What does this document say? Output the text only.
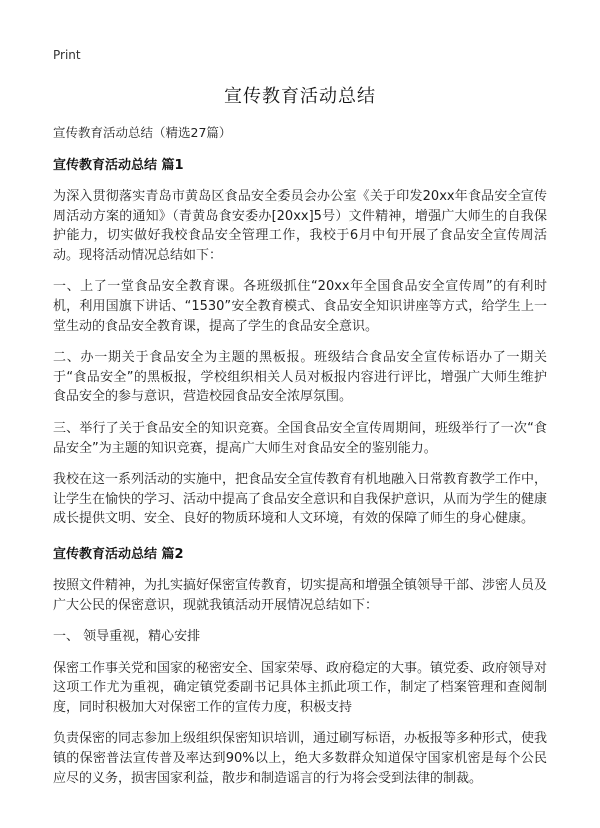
Print
宣传教育活动总结
宣传教育活动总结（精选27篇）
宣传教育活动总结 篇1
为深入贯彻落实青岛市黄岛区食品安全委员会办公室《关于印发20xx年食品安全宣传周活动方案的通知》（青黄岛食安委办[20xx]5号）文件精神，增强广大师生的自我保护能力，切实做好我校食品安全管理工作，我校于6月中旬开展了食品安全宣传周活动。现将活动情况总结如下：
一、上了一堂食品安全教育课。各班级抓住“20xx年全国食品安全宣传周”的有利时机，利用国旗下讲话、“1530”安全教育模式、食品安全知识讲座等方式，给学生上一堂生动的食品安全教育课，提高了学生的食品安全意识。
二、办一期关于食品安全为主题的黑板报。班级结合食品安全宣传标语办了一期关于“食品安全”的黑板报，学校组织相关人员对板报内容进行评比，增强广大师生维护食品安全的参与意识，营造校园食品安全浓厚氛围。
三、举行了关于食品安全的知识竞赛。全国食品安全宣传周期间，班级举行了一次“食品安全”为主题的知识竞赛，提高广大师生对食品安全的鉴别能力。
我校在这一系列活动的实施中，把食品安全宣传教育有机地融入日常教育教学工作中，让学生在愉快的学习、活动中提高了食品安全意识和自我保护意识，从而为学生的健康成长提供文明、安全、良好的物质环境和人文环境，有效的保障了师生的身心健康。
宣传教育活动总结 篇2
按照文件精神，为扎实搞好保密宣传教育，切实提高和增强全镇领导干部、涉密人员及广大公民的保密意识，现就我镇活动开展情况总结如下：
一、 领导重视，精心安排
保密工作事关党和国家的秘密安全、国家荣辱、政府稳定的大事。镇党委、政府领导对这项工作尤为重视，确定镇党委副书记具体主抓此项工作，制定了档案管理和查阅制度，同时积极加大对保密工作的宣传力度，积极支持
负责保密的同志参加上级组织保密知识培训，通过刷写标语，办板报等多种形式，使我镇的保密普法宣传普及率达到90%以上，绝大多数群众知道保守国家机密是每个公民应尽的义务，损害国家利益，散步和制造谣言的行为将会受到法律的制裁。
